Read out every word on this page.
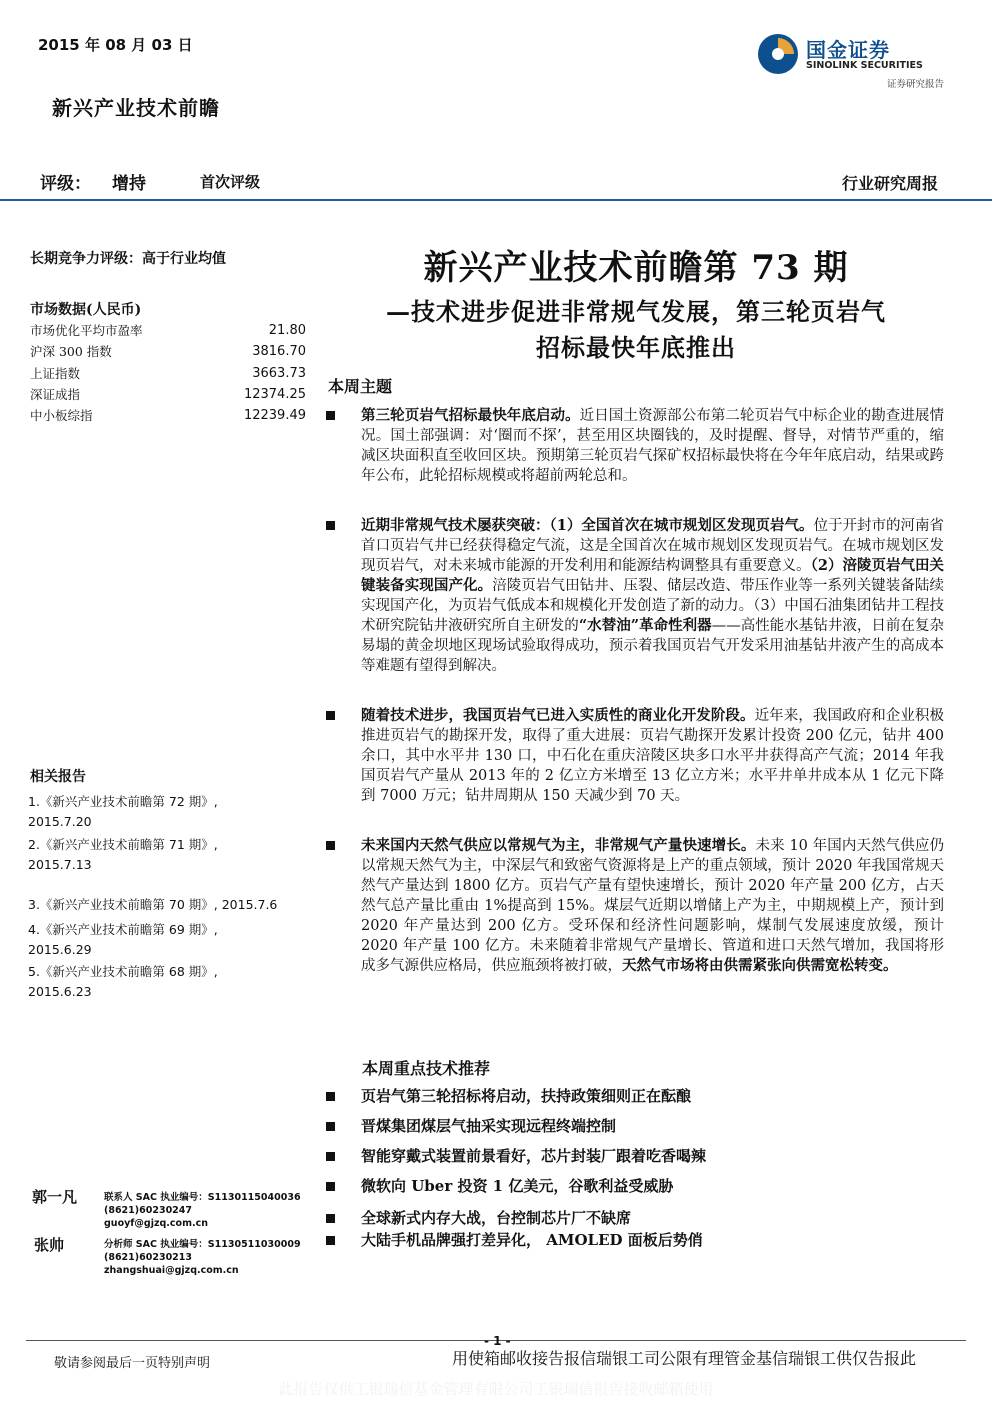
2015 年 08 月 03 日	国金证券
SINOLINK SECURITIES
证券研究报告
新兴产业技术前瞻
评级： 增持	首次评级	行业研究周报
长期竞争力评级：高于行业均值
市场数据(人民币)
市场优化平均市盈率	21.80
沪深 300 指数	3816.70
上证指数	3663.73
深证成指	12374.25
中小板综指	12239.49
相关报告
1.《新兴产业技术前瞻第 72 期》,
2015.7.20
2.《新兴产业技术前瞻第 71 期》,
2015.7.13
3.《新兴产业技术前瞻第 70 期》, 2015.7.6
4.《新兴产业技术前瞻第 69 期》,
2015.6.29
5.《新兴产业技术前瞻第 68 期》,
2015.6.23
郭一凡	联系人 SAC 执业编号：S1130115040036
(8621)60230247
guoyf@gjzq.com.cn
张帅	分析师 SAC 执业编号：S1130511030009
(8621)60230213
zhangshuai@gjzq.com.cn
新兴产业技术前瞻第 73 期
—技术进步促进非常规气发展，第三轮页岩气
招标最快年底推出
本周主题
第三轮页岩气招标最快年底启动。近日国土资源部公布第二轮页岩气中标企业的勘查进展情况。国土部强调：对‘圈而不探’，甚至用区块圈钱的，及时提醒、督导，对情节严重的，缩减区块面积直至收回区块。预期第三轮页岩气探矿权招标最快将在今年年底启动，结果或跨年公布，此轮招标规模或将超前两轮总和。
近期非常规气技术屡获突破：（1）全国首次在城市规划区发现页岩气。位于开封市的河南省首口页岩气井已经获得稳定气流，这是全国首次在城市规划区发现页岩气。在城市规划区发现页岩气，对未来城市能源的开发利用和能源结构调整具有重要意义。（2）涪陵页岩气田关键装备实现国产化。涪陵页岩气田钻井、压裂、储层改造、带压作业等一系列关键装备陆续实现国产化，为页岩气低成本和规模化开发创造了新的动力。（3）中国石油集团钻井工程技术研究院钻井液研究所自主研发的“水替油”革命性利器——高性能水基钻井液，日前在复杂易塌的黄金坝地区现场试验取得成功，预示着我国页岩气开发采用油基钻井液产生的高成本等难题有望得到解决。
随着技术进步，我国页岩气已进入实质性的商业化开发阶段。近年来，我国政府和企业积极推进页岩气的勘探开发，取得了重大进展：页岩气勘探开发累计投资 200 亿元，钻井 400 余口，其中水平井 130 口，中石化在重庆涪陵区块多口水平井获得高产气流；2014 年我国页岩气产量从 2013 年的 2 亿立方米增至 13 亿立方米；水平井单井成本从 1 亿元下降到 7000 万元；钻井周期从 150 天减少到 70 天。
未来国内天然气供应以常规气为主，非常规气产量快速增长。未来 10 年国内天然气供应仍以常规天然气为主，中深层气和致密气资源将是上产的重点领域，预计 2020 年我国常规天然气产量达到 1800 亿方。页岩气产量有望快速增长，预计 2020 年产量 200 亿方，占天然气总产量比重由 1%提高到 15%。煤层气近期以增储上产为主，中期规模上产，预计到 2020 年产量达到 200 亿方。受环保和经济性问题影响，煤制气发展速度放缓，预计 2020 年产量 100 亿方。未来随着非常规气产量增长、管道和进口天然气增加，我国将形成多气源供应格局，供应瓶颈将被打破，天然气市场将由供需紧张向供需宽松转变。
本周重点技术推荐
页岩气第三轮招标将启动，扶持政策细则正在酝酿
晋煤集团煤层气抽采实现远程终端控制
智能穿戴式装置前景看好，芯片封装厂跟着吃香喝辣
微软向 Uber 投资 1 亿美元，谷歌利益受威胁
全球新式内存大战，台控制芯片厂不缺席
大陆手机品牌强打差异化， AMOLED 面板后势俏
- 1 -
敬请参阅最后一页特别声明	用使箱邮收接告报信瑞银工司公限有理管金基信瑞银工供仅告报此
此报告仅供工银瑞信基金管理有限公司工银瑞信报告接收邮箱使用
